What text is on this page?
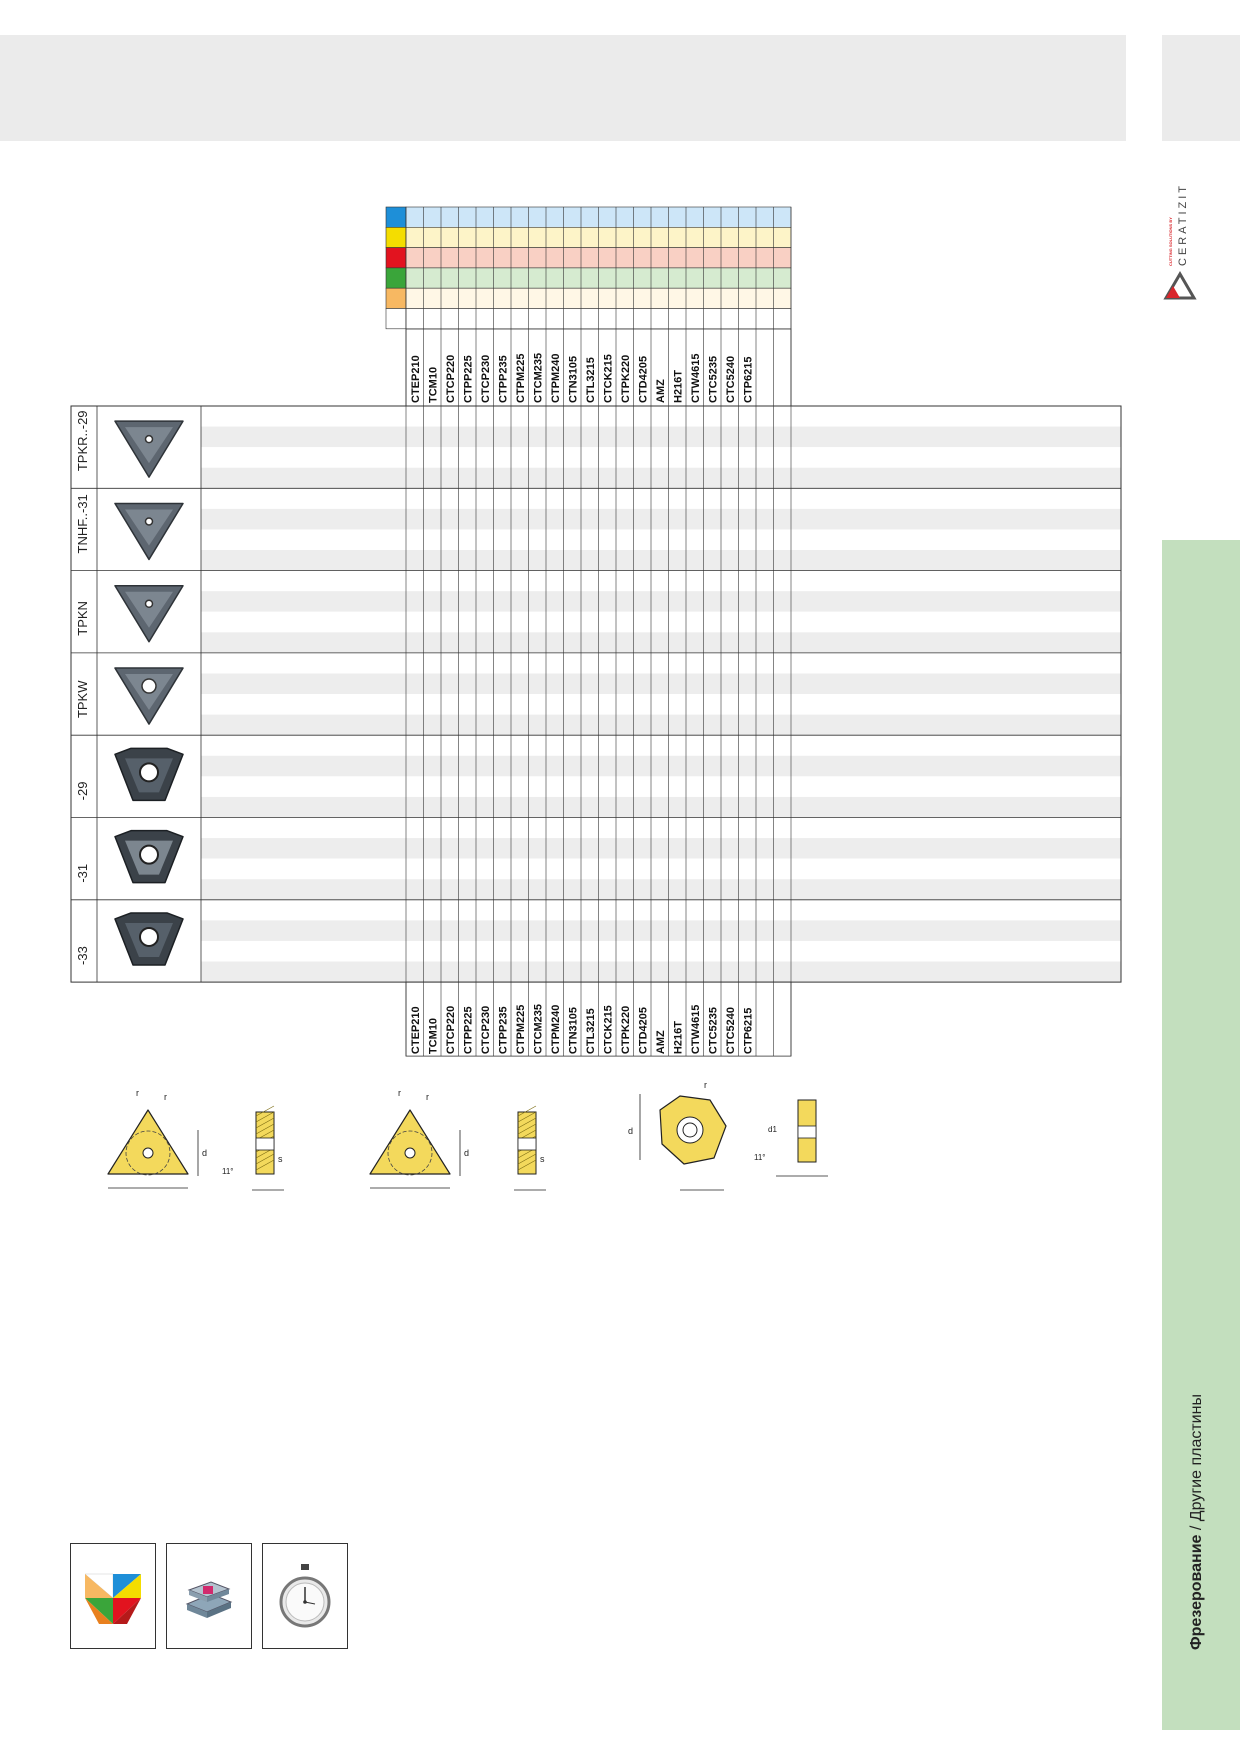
CUTTING SOLUTIONS BY CERATIZIT
Фрезерование / Другие пластины
CTEP210 TCM10 CTCP220 CTPP225 CTCP230 CTPP235 CTPM225 CTCM235 CTPM240 CTN3105 CTL3215 CTCK215 CTPK220 CTD4205 AMZ H216T CTW4615 CTC5235 CTC5240 CTP6215
TPKR..-29
TNHF..-31
TPKN
TPKW
-29
-31
-33
CTEP210 TCM10 CTCP220 CTPP225 CTCP230 CTPP235 CTPM225 CTCM235 CTPM240 CTN3105 CTL3215 CTCK215 CTPK220 CTD4205 AMZ H216T CTW4615 CTC5235 CTC5240 CTP6215
d
r	r
s
11°
d
r	r
s
d
r
d1
11°
